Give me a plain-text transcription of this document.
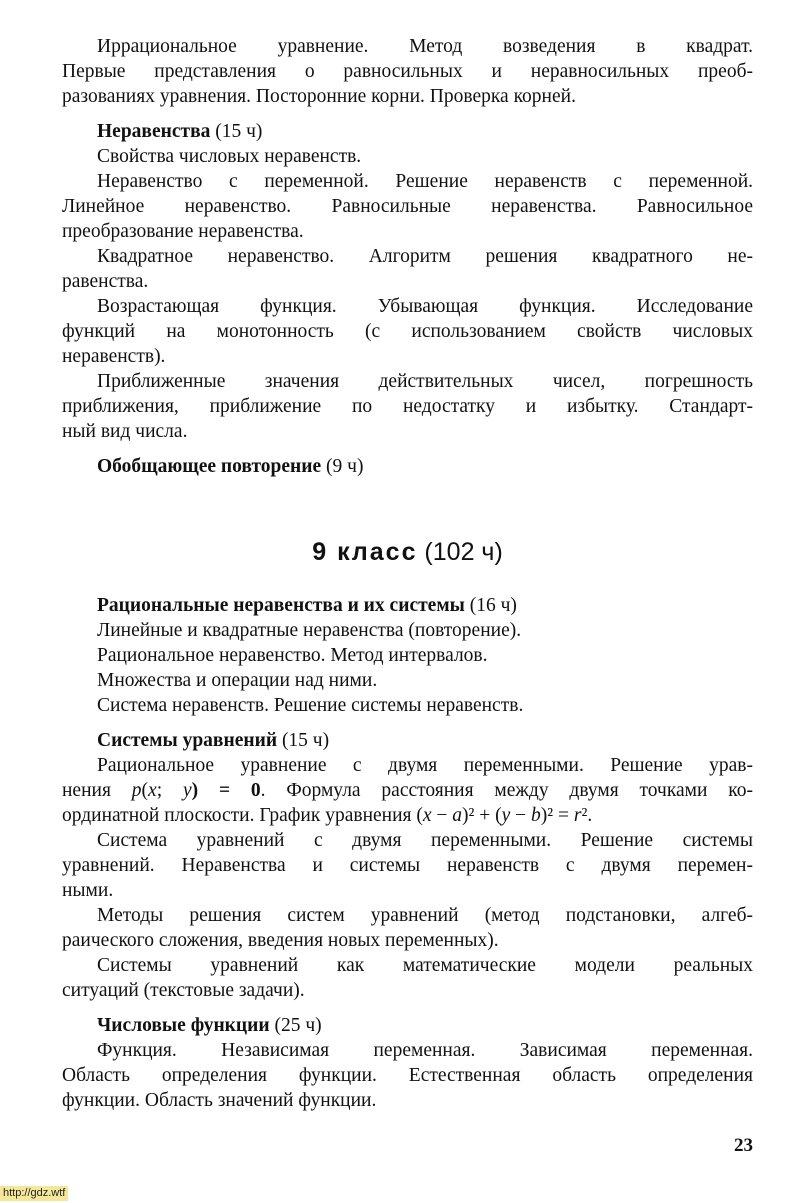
Иррациональное уравнение. Метод возведения в квадрат.
Первые представления о равносильных и неравносильных преоб-
разованиях уравнения. Посторонние корни. Проверка корней.
Неравенства (15 ч)
Свойства числовых неравенств.
Неравенство с переменной. Решение неравенств с переменной.
Линейное неравенство. Равносильные неравенства. Равносильное
преобразование неравенства.
Квадратное неравенство. Алгоритм решения квадратного не-
равенства.
Возрастающая функция. Убывающая функция. Исследование
функций на монотонность (с использованием свойств числовых
неравенств).
Приближенные значения действительных чисел, погрешность
приближения, приближение по недостатку и избытку. Стандарт-
ный вид числа.
Обобщающее повторение (9 ч)
9 класс (102 ч)
Рациональные неравенства и их системы (16 ч)
Линейные и квадратные неравенства (повторение).
Рациональное неравенство. Метод интервалов.
Множества и операции над ними.
Система неравенств. Решение системы неравенств.
Системы уравнений (15 ч)
Рациональное уравнение с двумя переменными. Решение урав-
нения p(x; y) = 0. Формула расстояния между двумя точками ко-
ординатной плоскости. График уравнения (x − a)² + (y − b)² = r².
Система уравнений с двумя переменными. Решение системы
уравнений. Неравенства и системы неравенств с двумя перемен-
ными.
Методы решения систем уравнений (метод подстановки, алгеб-
раического сложения, введения новых переменных).
Системы уравнений как математические модели реальных
ситуаций (текстовые задачи).
Числовые функции (25 ч)
Функция. Независимая переменная. Зависимая переменная.
Область определения функции. Естественная область определения
функции. Область значений функции.
23
http://gdz.wtf
